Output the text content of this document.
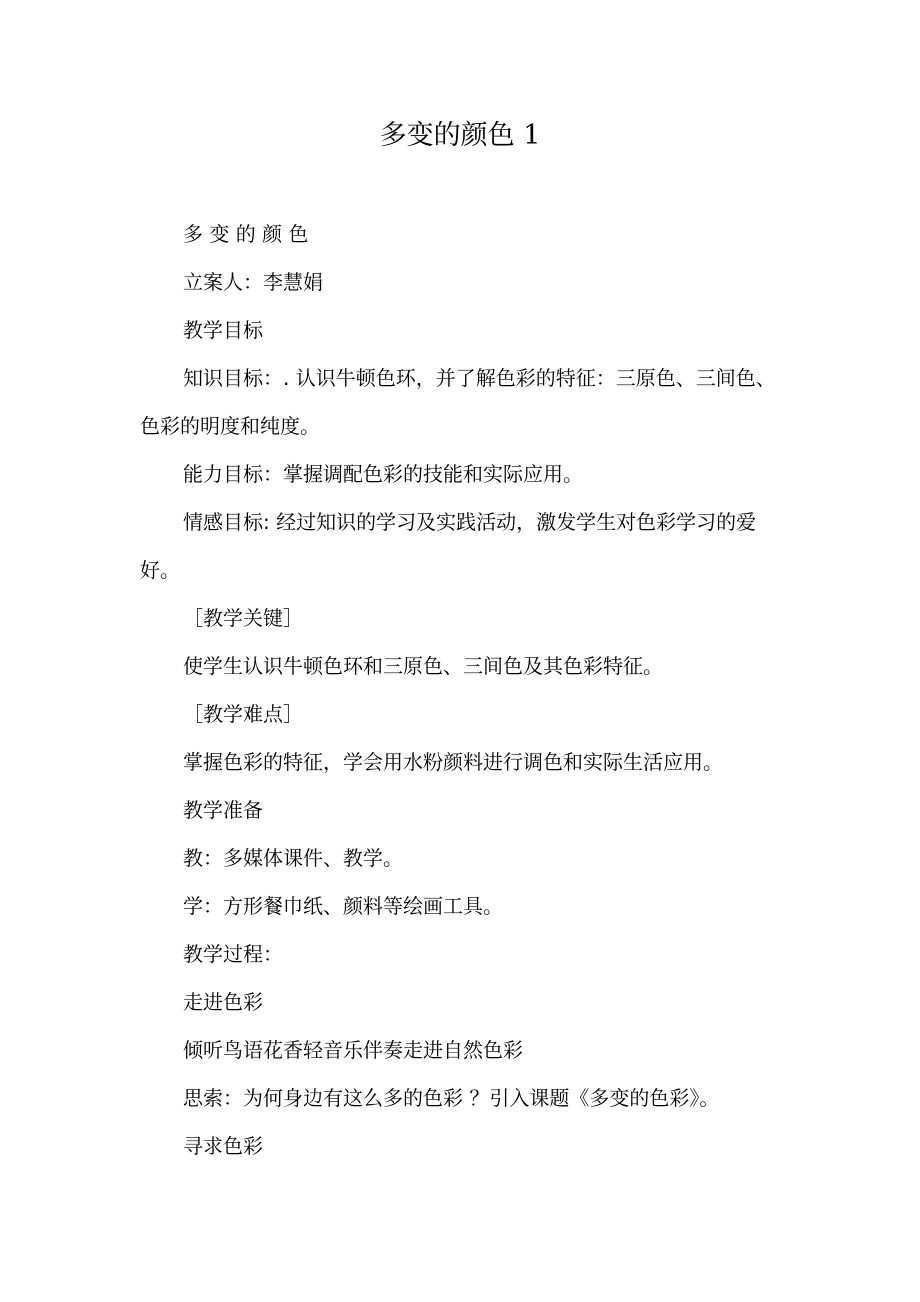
多变的颜色 1

多 变 的 颜 色

立案人：李慧娟

教学目标

知识目标：. 认识牛顿色环，并了解色彩的特征：三原色、三间色、色彩的明度和纯度。

能力目标：掌握调配色彩的技能和实际应用。

情感目标: 经过知识的学习及实践活动，激发学生对色彩学习的爱好。

［教学关键］

使学生认识牛顿色环和三原色、三间色及其色彩特征。

［教学难点］

掌握色彩的特征，学会用水粉颜料进行调色和实际生活应用。

教学准备

教：多媒体课件、教学。

学：方形餐巾纸、颜料等绘画工具。

教学过程：

走进色彩

倾听鸟语花香轻音乐伴奏走进自然色彩

思索：为何身边有这么多的色彩 ？引入课题《多变的色彩》。

寻求色彩
